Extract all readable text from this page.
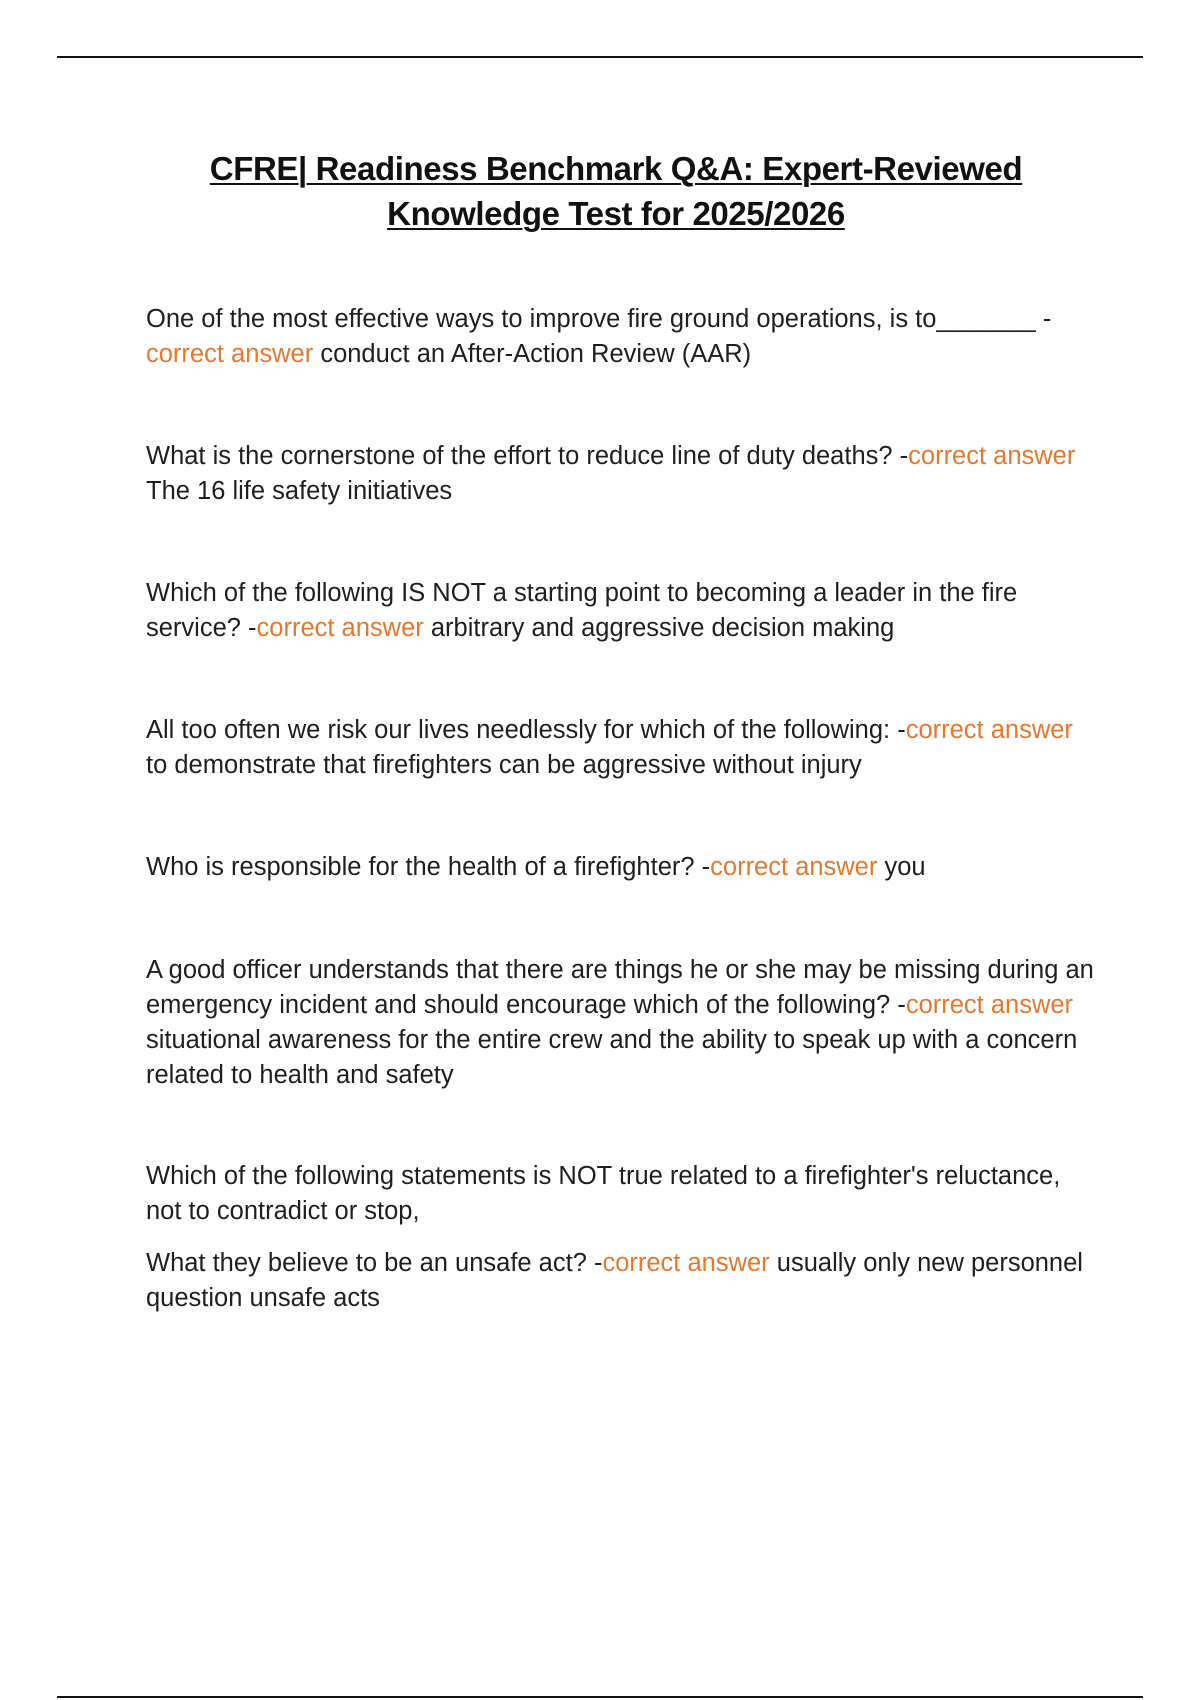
CFRE| Readiness Benchmark Q&A: Expert-Reviewed
Knowledge Test for 2025/2026

One of the most effective ways to improve fire ground operations, is to_______ -correct answer conduct an After-Action Review (AAR)

What is the cornerstone of the effort to reduce line of duty deaths? -correct answer The 16 life safety initiatives

Which of the following IS NOT a starting point to becoming a leader in the fire service? -correct answer arbitrary and aggressive decision making

All too often we risk our lives needlessly for which of the following: -correct answer to demonstrate that firefighters can be aggressive without injury

Who is responsible for the health of a firefighter? -correct answer you

A good officer understands that there are things he or she may be missing during an emergency incident and should encourage which of the following? -correct answer situational awareness for the entire crew and the ability to speak up with a concern related to health and safety

Which of the following statements is NOT true related to a firefighter's reluctance, not to contradict or stop,

What they believe to be an unsafe act? -correct answer usually only new personnel question unsafe acts
